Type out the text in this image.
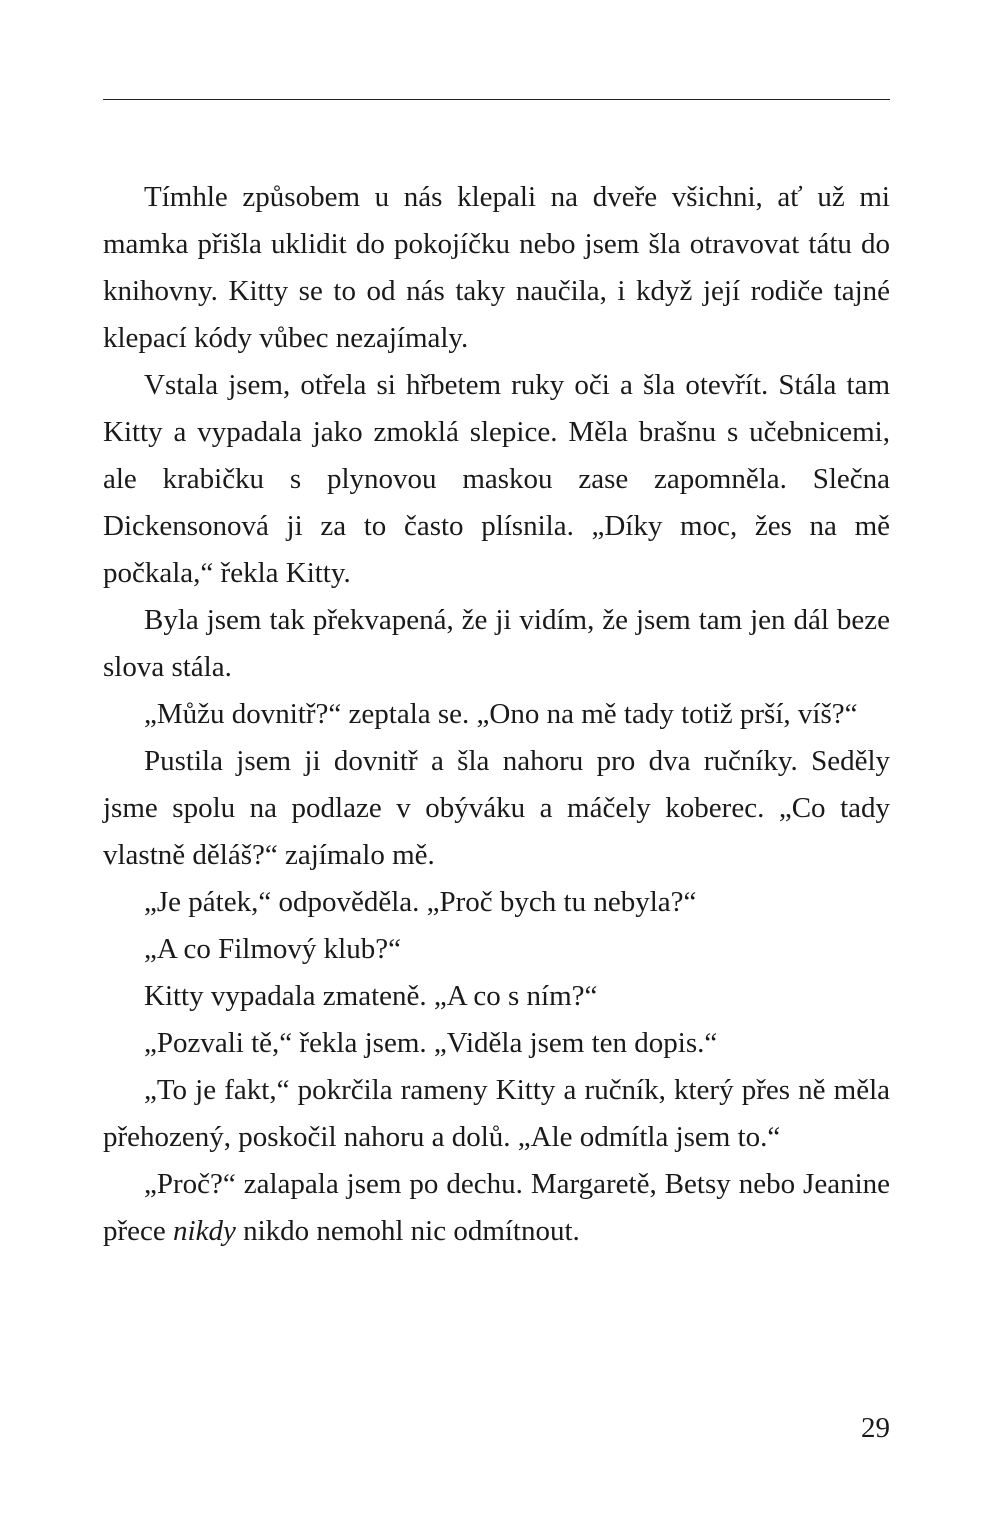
Tímhle způsobem u nás klepali na dveře všichni, ať už mi mamka přišla uklidit do pokojíčku nebo jsem šla otravovat tátu do knihovny. Kitty se to od nás taky naučila, i když její rodiče tajné klepací kódy vůbec nezajímaly.

Vstala jsem, otřela si hřbetem ruky oči a šla otevřít. Stála tam Kitty a vypadala jako zmoklá slepice. Měla brašnu s učebnicemi, ale krabičku s plynovou maskou zase zapomněla. Slečna Dickensonová ji za to často plísnila. „Díky moc, žes na mě počkala,“ řekla Kitty.

Byla jsem tak překvapená, že ji vidím, že jsem tam jen dál beze slova stála.

„Můžu dovnitř?“ zeptala se. „Ono na mě tady totiž prší, víš?“

Pustila jsem ji dovnitř a šla nahoru pro dva ručníky. Seděly jsme spolu na podlaze v obýváku a máčely koberec. „Co tady vlastně děláš?“ zajímalo mě.

„Je pátek,“ odpověděla. „Proč bych tu nebyla?“

„A co Filmový klub?“

Kitty vypadala zmateně. „A co s ním?“

„Pozvali tě,“ řekla jsem. „Viděla jsem ten dopis.“

„To je fakt,“ pokrčila rameny Kitty a ručník, který přes ně měla přehozený, poskočil nahoru a dolů. „Ale odmítla jsem to.“

„Proč?“ zalapala jsem po dechu. Margaretě, Betsy nebo Jeanine přece nikdy nikdo nemohl nic odmítnout.

29
